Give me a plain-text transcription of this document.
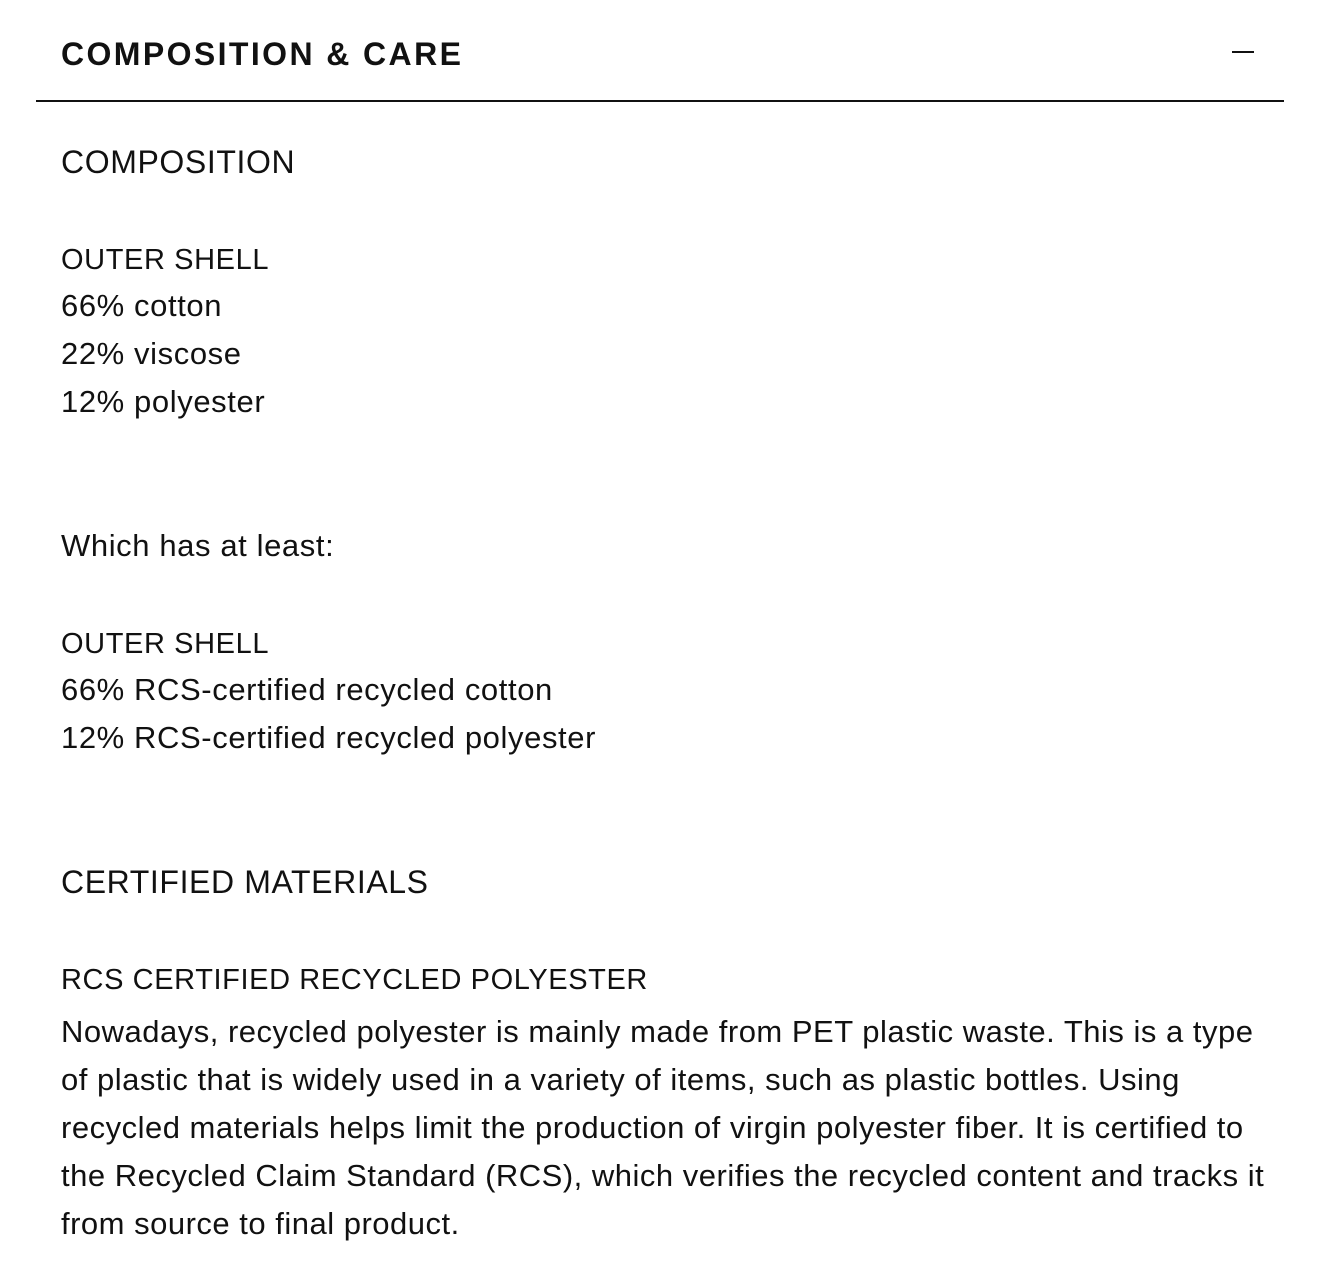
COMPOSITION & CARE
COMPOSITION
OUTER SHELL
66% cotton
22% viscose
12% polyester
Which has at least:
OUTER SHELL
66% RCS-certified recycled cotton
12% RCS-certified recycled polyester
CERTIFIED MATERIALS
RCS CERTIFIED RECYCLED POLYESTER
Nowadays, recycled polyester is mainly made from PET plastic waste. This is a type of plastic that is widely used in a variety of items, such as plastic bottles. Using recycled materials helps limit the production of virgin polyester fiber. It is certified to the Recycled Claim Standard (RCS), which verifies the recycled content and tracks it from source to final product.
